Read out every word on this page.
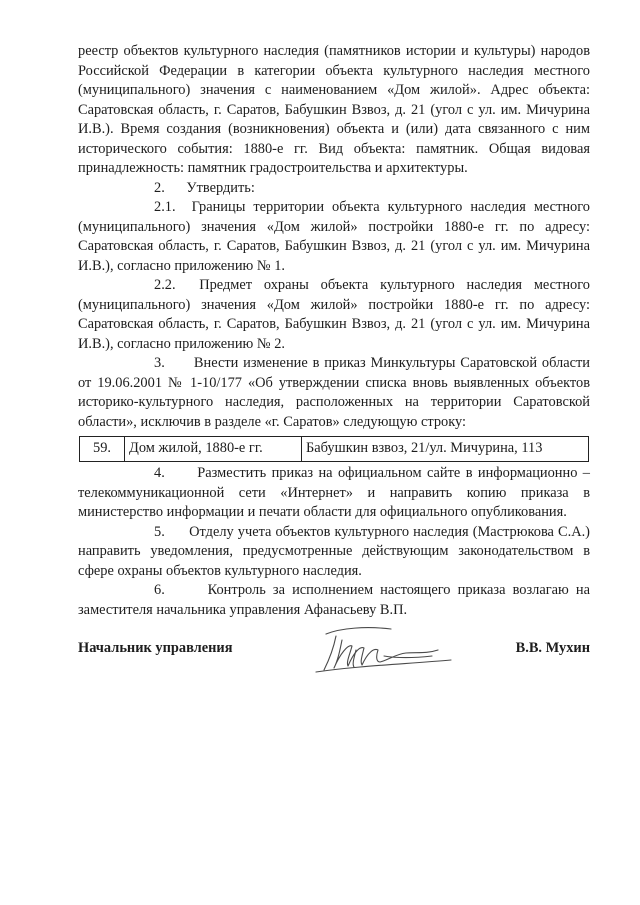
реестр объектов культурного наследия (памятников истории и культуры) народов Российской Федерации в категории объекта культурного наследия местного (муниципального) значения с наименованием «Дом жилой». Адрес объекта: Саратовская область, г. Саратов, Бабушкин Взвоз, д. 21 (угол с ул. им. Мичурина И.В.). Время создания (возникновения) объекта и (или) дата связанного с ним исторического события: 1880-е гг. Вид объекта: памятник. Общая видовая принадлежность: памятник градостроительства и архитектуры.

2. Утвердить:

2.1. Границы территории объекта культурного наследия местного (муниципального) значения «Дом жилой» постройки 1880-е гг. по адресу: Саратовская область, г. Саратов, Бабушкин Взвоз, д. 21 (угол с ул. им. Мичурина И.В.), согласно приложению № 1.

2.2. Предмет охраны объекта культурного наследия местного (муниципального) значения «Дом жилой» постройки 1880-е гг. по адресу: Саратовская область, г. Саратов, Бабушкин Взвоз, д. 21 (угол с ул. им. Мичурина И.В.), согласно приложению № 2.

3. Внести изменение в приказ Минкультуры Саратовской области от 19.06.2001 № 1-10/177 «Об утверждении списка вновь выявленных объектов историко-культурного наследия, расположенных на территории Саратовской области», исключив в разделе «г. Саратов» следующую строку:

59.	Дом жилой, 1880-е гг.	Бабушкин взвоз, 21/ул. Мичурина, 113

4. Разместить приказ на официальном сайте в информационно – телекоммуникационной сети «Интернет» и направить копию приказа в министерство информации и печати области для официального опубликования.

5. Отделу учета объектов культурного наследия (Мастрюкова С.А.) направить уведомления, предусмотренные действующим законодательством в сфере охраны объектов культурного наследия.

6.	Контроль за исполнением настоящего приказа возлагаю на заместителя начальника управления Афанасьеву В.П.

Начальник управления	В.В. Мухин
